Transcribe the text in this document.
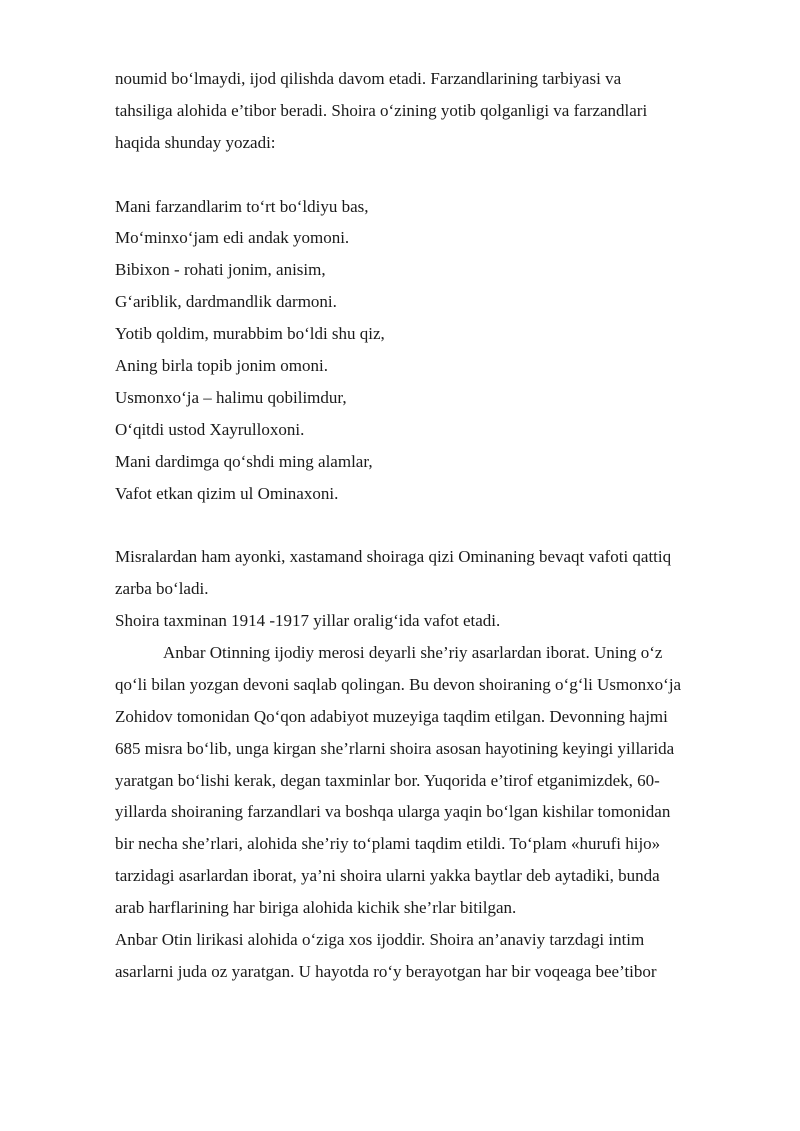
noumid bo‘lmaydi, ijod qilishda davom etadi. Farzandlarining tarbiyasi va
tahsiliga alohida e’tibor beradi. Shoira o‘zining yotib qolganligi va farzandlari
haqida shunday yozadi:
Mani farzandlarim to‘rt bo‘ldiyu bas,
Mo‘minxo‘jam edi andak yomoni.
Bibixon - rohati jonim, anisim,
G‘ariblik, dardmandlik darmoni.
Yotib qoldim, murabbim bo‘ldi shu qiz,
Aning birla topib jonim omoni.
Usmonxo‘ja – halimu qobilimdur,
O‘qitdi ustod Xayrulloxoni.
Mani dardimga qo‘shdi ming alamlar,
Vafot etkan qizim ul Ominaxoni.
Misralardan ham ayonki, xastamand shoiraga qizi Ominaning bevaqt vafoti qattiq
zarba bo‘ladi.
Shoira taxminan 1914 -1917 yillar oralig‘ida vafot etadi.
Anbar Otinning ijodiy merosi deyarli she’riy asarlardan iborat. Uning o‘z
qo‘li bilan yozgan devoni saqlab qolingan. Bu devon shoiraning o‘g‘li Usmonxo‘ja
Zohidov tomonidan Qo‘qon adabiyot muzeyiga taqdim etilgan. Devonning hajmi
685 misra bo‘lib, unga kirgan she’rlarni shoira asosan hayotining keyingi yillarida
yaratgan bo‘lishi kerak, degan taxminlar bor. Yuqorida e’tirof etganimizdek, 60-
yillarda shoiraning farzandlari va boshqa ularga yaqin bo‘lgan kishilar tomonidan
bir necha she’rlari, alohida she’riy to‘plami taqdim etildi. To‘plam «hurufi hijo»
tarzidagi asarlardan iborat, ya’ni shoira ularni yakka baytlar deb aytadiki, bunda
arab harflarining har biriga alohida kichik she’rlar bitilgan.
Anbar Otin lirikasi alohida o‘ziga xos ijoddir. Shoira an’anaviy tarzdagi intim
asarlarni juda oz yaratgan. U hayotda ro‘y berayotgan har bir voqeaga bee’tibor
